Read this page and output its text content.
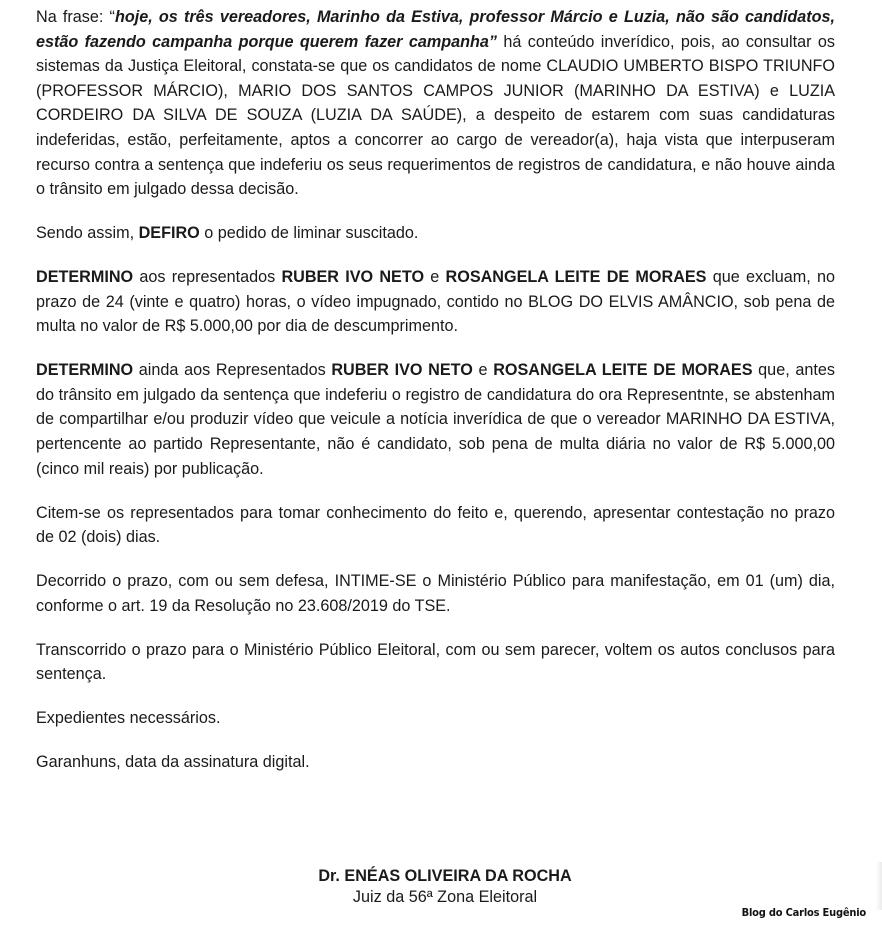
Na frase: “hoje, os três vereadores, Marinho da Estiva, professor Márcio e Luzia, não são candidatos, estão fazendo campanha porque querem fazer campanha” há conteúdo inverídico, pois, ao consultar os sistemas da Justiça Eleitoral, constata-se que os candidatos de nome CLAUDIO UMBERTO BISPO TRIUNFO (PROFESSOR MÁRCIO), MARIO DOS SANTOS CAMPOS JUNIOR (MARINHO DA ESTIVA) e LUZIA CORDEIRO DA SILVA DE SOUZA (LUZIA DA SAÚDE), a despeito de estarem com suas candidaturas indeferidas, estão, perfeitamente, aptos a concorrer ao cargo de vereador(a), haja vista que interpuseram recurso contra a sentença que indeferiu os seus requerimentos de registros de candidatura, e não houve ainda o trânsito em julgado dessa decisão.

Sendo assim, DEFIRO o pedido de liminar suscitado.

DETERMINO aos representados RUBER IVO NETO e ROSANGELA LEITE DE MORAES que excluam, no prazo de 24 (vinte e quatro) horas, o vídeo impugnado, contido no BLOG DO ELVIS AMÂNCIO, sob pena de multa no valor de R$ 5.000,00 por dia de descumprimento.

DETERMINO ainda aos Representados RUBER IVO NETO e ROSANGELA LEITE DE MORAES que, antes do trânsito em julgado da sentença que indeferiu o registro de candidatura do ora Representnte, se abstenham de compartilhar e/ou produzir vídeo que veicule a notícia inverídica de que o vereador MARINHO DA ESTIVA, pertencente ao partido Representante, não é candidato, sob pena de multa diária no valor de R$ 5.000,00 (cinco mil reais) por publicação.

Citem-se os representados para tomar conhecimento do feito e, querendo, apresentar contestação no prazo de 02 (dois) dias.

Decorrido o prazo, com ou sem defesa, INTIME-SE o Ministério Público para manifestação, em 01 (um) dia, conforme o art. 19 da Resolução no 23.608/2019 do TSE.

Transcorrido o prazo para o Ministério Público Eleitoral, com ou sem parecer, voltem os autos conclusos para sentença.

Expedientes necessários.

Garanhuns, data da assinatura digital.

Dr. ENÉAS OLIVEIRA DA ROCHA
Juiz da 56ª Zona Eleitoral
Blog do Carlos Eugênio
